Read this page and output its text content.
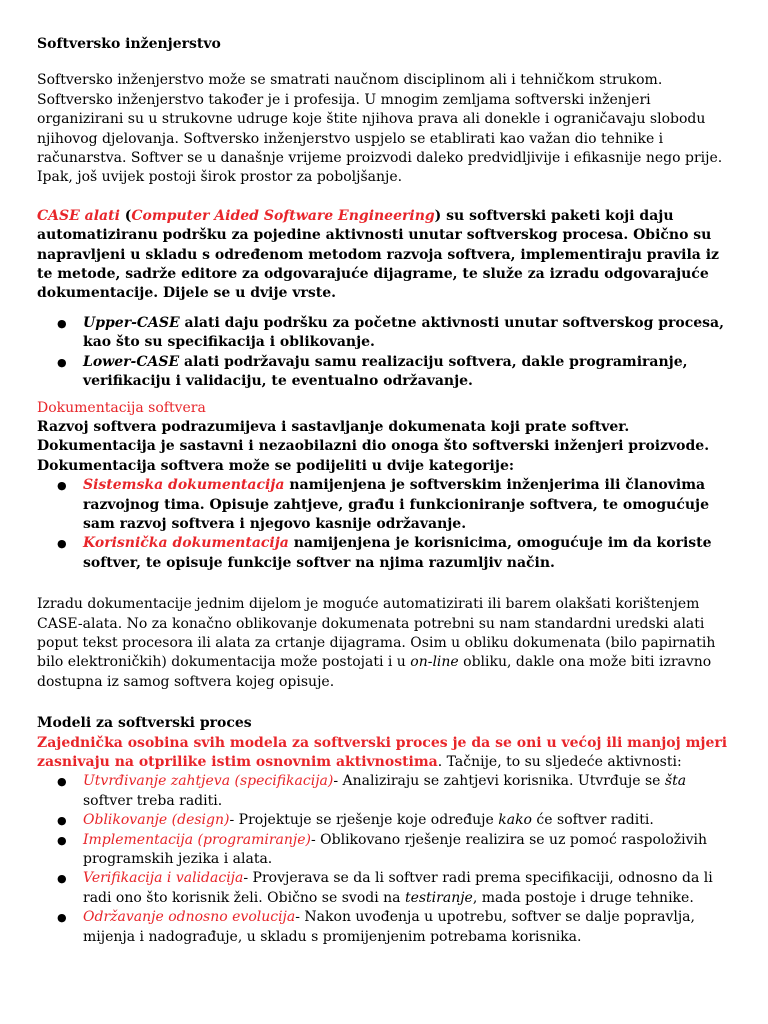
Softversko inženjerstvo

Softversko inženjerstvo može se smatrati naučnom disciplinom ali i tehničkom strukom. Softversko inženjerstvo također je i profesija. U mnogim zemljama softverski inženjeri organizirani su u strukovne udruge koje štite njihova prava ali donekle i ograničavaju slobodu njihovog djelovanja. Softversko inženjerstvo uspjelo se etablirati kao važan dio tehnike i računarstva. Softver se u današnje vrijeme proizvodi daleko predvidljivije i efikasnije nego prije. Ipak, još uvijek postoji širok prostor za poboljšanje.

CASE alati (Computer Aided Software Engineering) su softverski paketi koji daju automatiziranu podršku za pojedine aktivnosti unutar softverskog procesa. Obično su napravljeni u skladu s određenom metodom razvoja softvera, implementiraju pravila iz te metode, sadrže editore za odgovarajuće dijagrame, te služe za izradu odgovarajuće dokumentacije. Dijele se u dvije vrste.

● Upper-CASE alati daju podršku za početne aktivnosti unutar softverskog procesa, kao što su specifikacija i oblikovanje.
● Lower-CASE alati podržavaju samu realizaciju softvera, dakle programiranje, verifikaciju i validaciju, te eventualno održavanje.

Dokumentacija softvera

Razvoj softvera podrazumijeva i sastavljanje dokumenata koji prate softver. Dokumentacija je sastavni i nezaobilazni dio onoga što softverski inženjeri proizvode.

Dokumentacija softvera može se podijeliti u dvije kategorije:

● Sistemska dokumentacija namijenjena je softverskim inženjerima ili članovima razvojnog tima. Opisuje zahtjeve, građu i funkcioniranje softvera, te omogućuje sam razvoj softvera i njegovo kasnije održavanje.
● Korisnička dokumentacija namijenjena je korisnicima, omogućuje im da koriste softver, te opisuje funkcije softver na njima razumljiv način.

Izradu dokumentacije jednim dijelom je moguće automatizirati ili barem olakšati korištenjem CASE-alata. No za konačno oblikovanje dokumenata potrebni su nam standardni uredski alati poput tekst procesora ili alata za crtanje dijagrama. Osim u obliku dokumenata (bilo papirnatih bilo elektroničkih) dokumentacija može postojati i u on-line obliku, dakle ona može biti izravno dostupna iz samog softvera kojeg opisuje.

Modeli za softverski proces

Zajednička osobina svih modela za softverski proces je da se oni u većoj ili manjoj mjeri zasnivaju na otprilike istim osnovnim aktivnostima. Tačnije, to su sljedeće aktivnosti:

● Utvrđivanje zahtjeva (specifikacija)- Analiziraju se zahtjevi korisnika. Utvrđuje se šta softver treba raditi.
● Oblikovanje (design)- Projektuje se rješenje koje određuje kako će softver raditi.
● Implementacija (programiranje)- Oblikovano rješenje realizira se uz pomoć raspoloživih programskih jezika i alata.
● Verifikacija i validacija- Provjerava se da li softver radi prema specifikaciji, odnosno da li radi ono što korisnik želi. Obično se svodi na testiranje, mada postoje i druge tehnike.
● Održavanje odnosno evolucija- Nakon uvođenja u upotrebu, softver se dalje popravlja, mijenja i nadograđuje, u skladu s promijenjenim potrebama korisnika.
